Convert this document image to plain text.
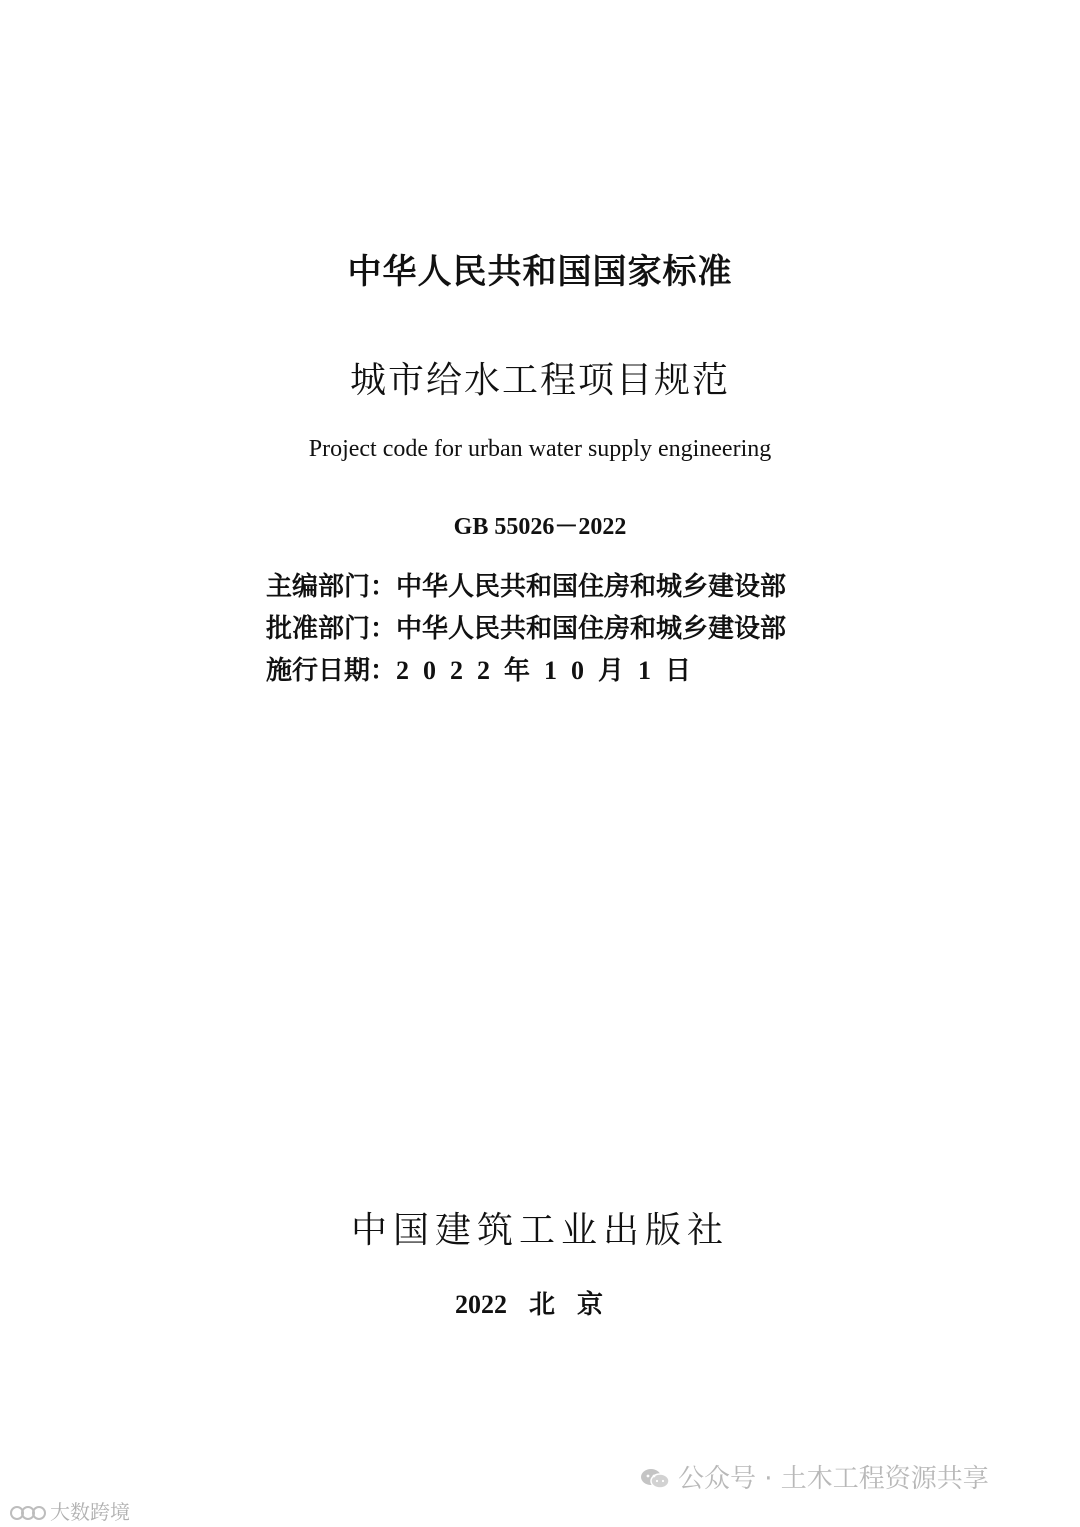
中华人民共和国国家标准
城市给水工程项目规范
Project code for urban water supply engineering
GB 55026－2022
主编部门：中华人民共和国住房和城乡建设部
批准部门：中华人民共和国住房和城乡建设部
施行日期：2022年10月1日
中国建筑工业出版社
2022 北京
公众号 · 土木工程资源共享
大数跨境
